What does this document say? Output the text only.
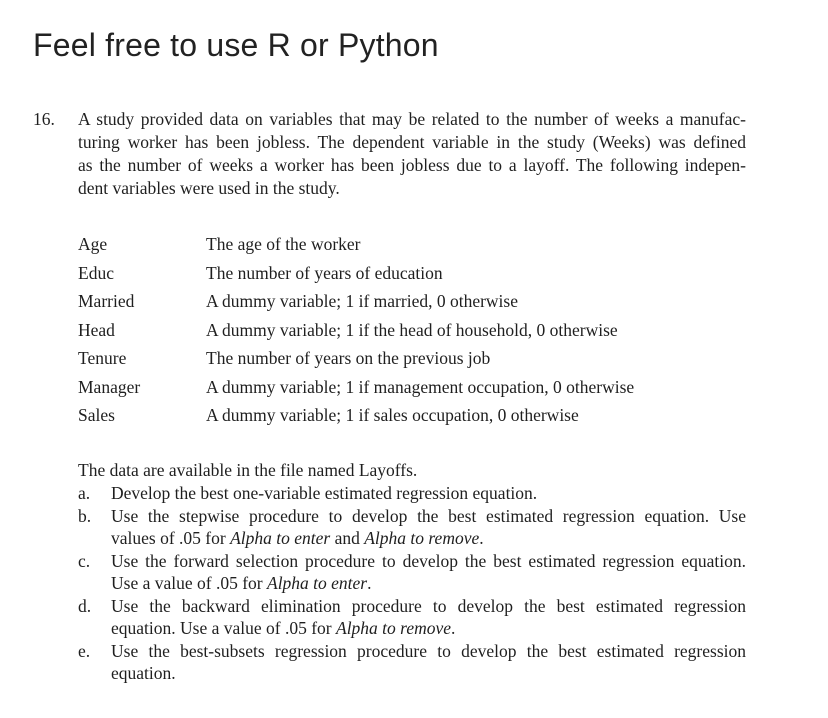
Feel free to use R or Python
16. A study provided data on variables that may be related to the number of weeks a manufac-
turing worker has been jobless. The dependent variable in the study (Weeks) was defined
as the number of weeks a worker has been jobless due to a layoff. The following indepen-
dent variables were used in the study.
Age	The age of the worker
Educ	The number of years of education
Married	A dummy variable; 1 if married, 0 otherwise
Head	A dummy variable; 1 if the head of household, 0 otherwise
Tenure	The number of years on the previous job
Manager	A dummy variable; 1 if management occupation, 0 otherwise
Sales	A dummy variable; 1 if sales occupation, 0 otherwise
The data are available in the file named Layoffs.
a.	Develop the best one-variable estimated regression equation.
b.	Use the stepwise procedure to develop the best estimated regression equation. Use
values of .05 for Alpha to enter and Alpha to remove.
c.	Use the forward selection procedure to develop the best estimated regression equation.
Use a value of .05 for Alpha to enter.
d.	Use the backward elimination procedure to develop the best estimated regression
equation. Use a value of .05 for Alpha to remove.
e.	Use the best-subsets regression procedure to develop the best estimated regression
equation.
